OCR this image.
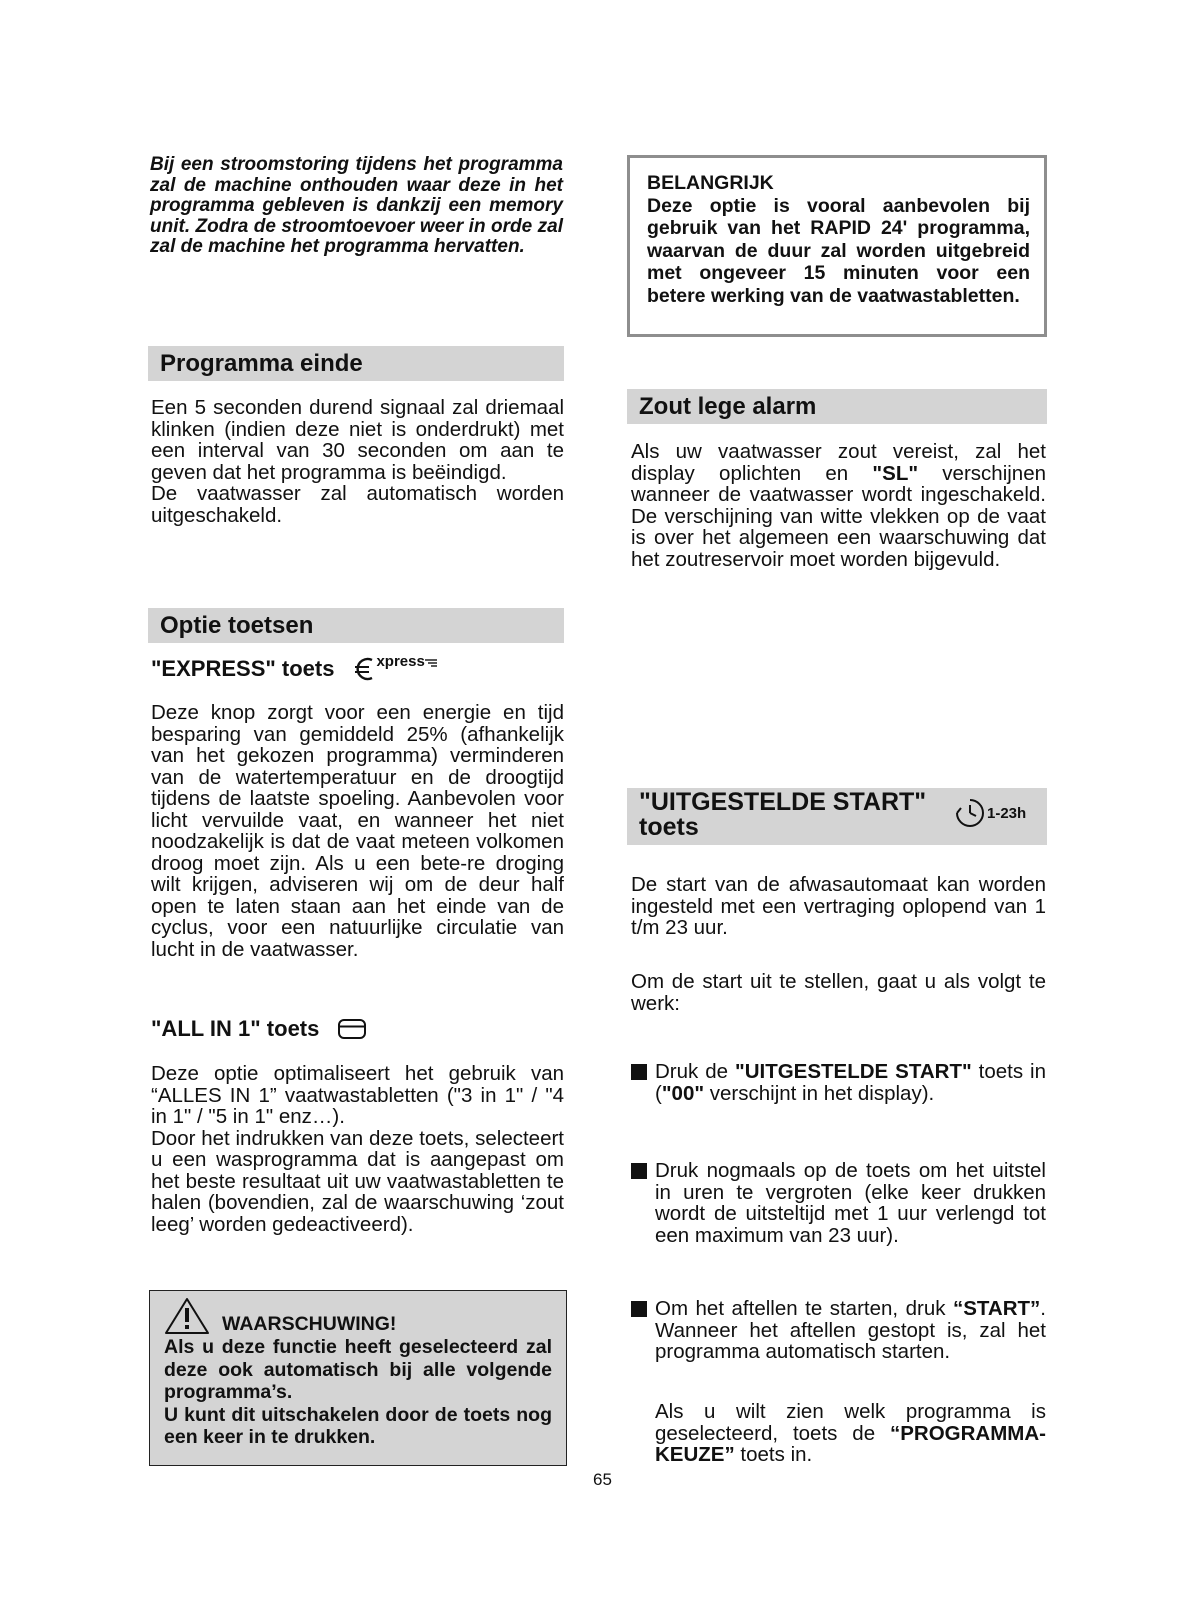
Bij een stroomstoring tijdens het programma zal de machine onthouden waar deze in het programma gebleven is dankzij een memory unit. Zodra de stroomtoevoer weer in orde zal zal de machine het programma hervatten.

Programma einde

Een 5 seconden durend signaal zal driemaal klinken (indien deze niet is onderdrukt) met een interval van 30 seconden om aan te geven dat het programma is beëindigd.

De vaatwasser zal automatisch worden uitgeschakeld.

Optie toetsen
"EXPRESS" toets	xpress

Deze knop zorgt voor een energie en tijd besparing van gemiddeld 25% (afhankelijk van het gekozen programma) verminderen van de watertemperatuur en de droogtijd tijdens de laatste spoeling. Aanbevolen voor licht vervuilde vaat, en wanneer het niet noodzakelijk is dat de vaat meteen volkomen droog moet zijn. Als u een bete-re droging wilt krijgen, adviseren wij om de deur half open te laten staan aan het einde van de cyclus, voor een natuurlijke circulatie van lucht in de vaatwasser.

"ALL IN 1" toets

Deze optie optimaliseert het gebruik van “ALLES IN 1” vaatwastabletten ("3 in 1" / "4 in 1" / "5 in 1" enz…).

Door het indrukken van deze toets, selecteert u een wasprogramma dat is aangepast om het beste resultaat uit uw vaatwastabletten te halen (bovendien, zal de waarschuwing ‘zout leeg’ worden gedeactiveerd).

WAARSCHUWING!

Als u deze functie heeft geselecteerd zal deze ook automatisch bij alle volgende programma’s.

U kunt dit uitschakelen door de toets nog een keer in te drukken.

BELANGRIJK

Deze optie is vooral aanbevolen bij gebruik van het RAPID 24' programma, waarvan de duur zal worden uitgebreid met ongeveer 15 minuten voor een betere werking van de vaatwastabletten.

Zout lege alarm

Als uw vaatwasser zout vereist, zal het display oplichten en "SL" verschijnen wanneer de vaatwasser wordt ingeschakeld. De verschijning van witte vlekken op de vaat is over het algemeen een waarschuwing dat het zoutreservoir moet worden bijgevuld.

"UITGESTELDE START"
toets	1-23h

De start van de afwasautomaat kan worden ingesteld met een vertraging oplopend van 1 t/m 23 uur.

Om de start uit te stellen, gaat u als volgt te werk:

Druk de "UITGESTELDE START" toets in ("00" verschijnt in het display).
Druk nogmaals op de toets om het uitstel in uren te vergroten (elke keer drukken wordt de uitsteltijd met 1 uur verlengd tot een maximum van 23 uur).
Om het aftellen te starten, druk “START”. Wanneer het aftellen gestopt is, zal het programma automatisch starten.

Als u wilt zien welk programma is geselecteerd, toets de “PROGRAMMA-KEUZE” toets in.

65
